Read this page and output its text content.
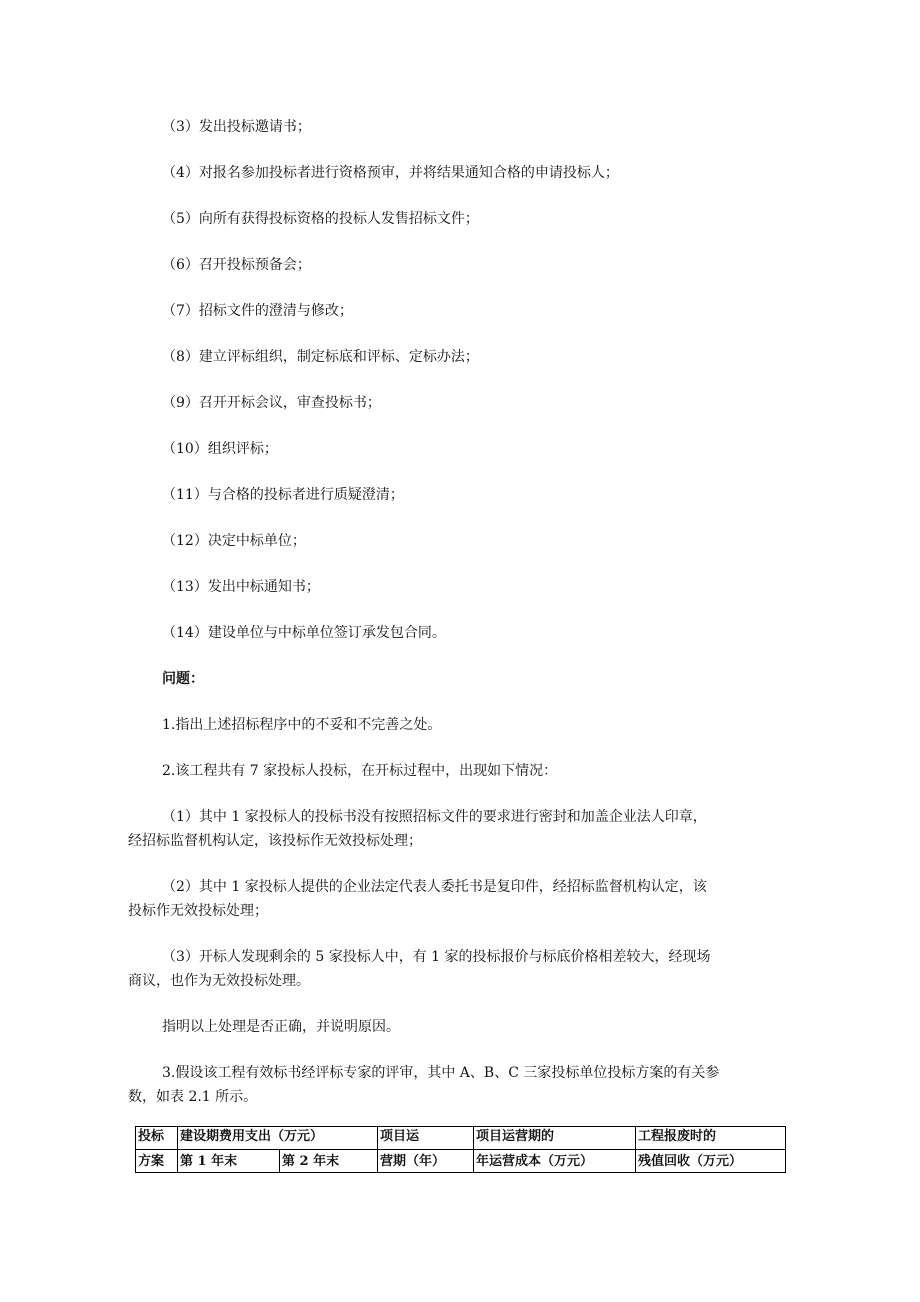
（3）发出投标邀请书；
（4）对报名参加投标者进行资格预审，并将结果通知合格的申请投标人；
（5）向所有获得投标资格的投标人发售招标文件；
（6）召开投标预备会；
（7）招标文件的澄清与修改；
（8）建立评标组织，制定标底和评标、定标办法；
（9）召开开标会议，审查投标书；
（10）组织评标；
（11）与合格的投标者进行质疑澄清；
（12）决定中标单位；
（13）发出中标通知书；
（14）建设单位与中标单位签订承发包合同。
问题：
1.指出上述招标程序中的不妥和不完善之处。
2.该工程共有 7 家投标人投标，在开标过程中，出现如下情况：
（1）其中 1 家投标人的投标书没有按照招标文件的要求进行密封和加盖企业法人印章，
经招标监督机构认定，该投标作无效投标处理；
（2）其中 1 家投标人提供的企业法定代表人委托书是复印件，经招标监督机构认定，该
投标作无效投标处理；
（3）开标人发现剩余的 5 家投标人中，有 1 家的投标报价与标底价格相差较大，经现场
商议，也作为无效投标处理。
指明以上处理是否正确，并说明原因。
3.假设该工程有效标书经评标专家的评审，其中 A、B、C 三家投标单位投标方案的有关参
数，如表 2.1 所示。
投标	建设期费用支出（万元）		项目运	项目运营期的	工程报废时的
方案	第 1 年末	第 2 年末	营期（年）	年运营成本（万元）	残值回收（万元）
